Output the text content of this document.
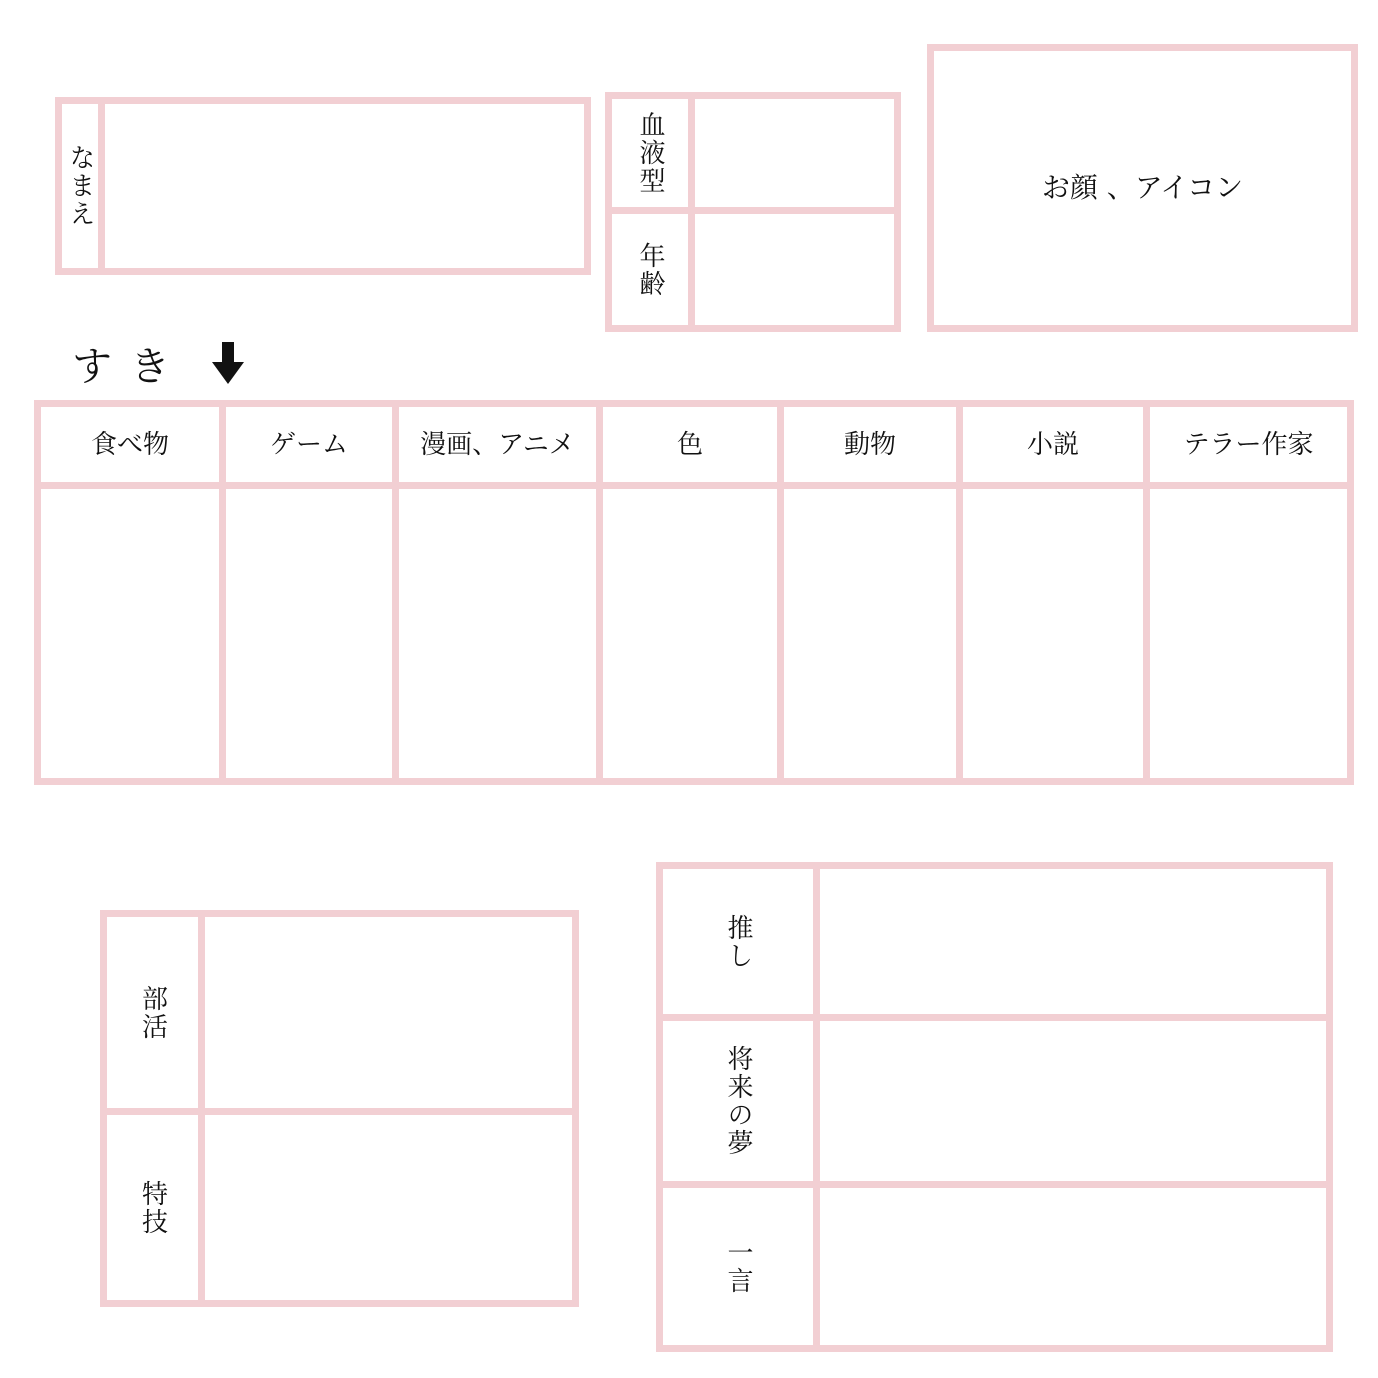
なまえ	血液型
年齢
お顔 、アイコン
すき
食べ物	ゲーム	漫画、アニメ	色	動物	小説	テラー作家
部活
特技
推し
将来の夢
一言
